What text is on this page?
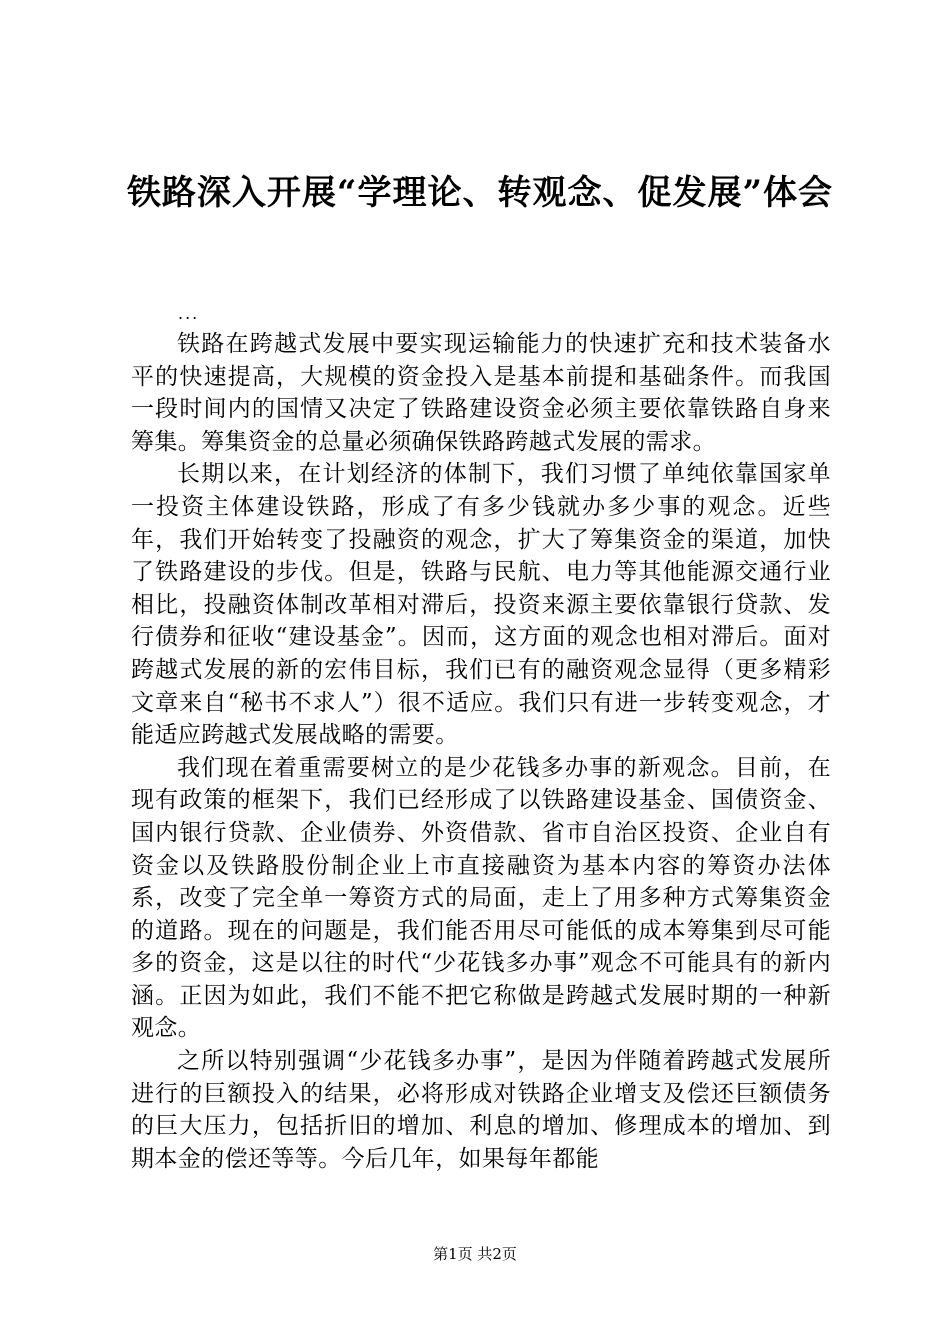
铁路深入开展“学理论、转观念、促发展”体会

...

铁路在跨越式发展中要实现运输能力的快速扩充和技术装备水平的快速提高，大规模的资金投入是基本前提和基础条件。而我国一段时间内的国情又决定了铁路建设资金必须主要依靠铁路自身来筹集。筹集资金的总量必须确保铁路跨越式发展的需求。

长期以来，在计划经济的体制下，我们习惯了单纯依靠国家单一投资主体建设铁路，形成了有多少钱就办多少事的观念。近些年，我们开始转变了投融资的观念，扩大了筹集资金的渠道，加快了铁路建设的步伐。但是，铁路与民航、电力等其他能源交通行业相比，投融资体制改革相对滞后，投资来源主要依靠银行贷款、发行债券和征收“建设基金”。因而，这方面的观念也相对滞后。面对跨越式发展的新的宏伟目标，我们已有的融资观念显得（更多精彩文章来自“秘书不求人”）很不适应。我们只有进一步转变观念，才能适应跨越式发展战略的需要。

我们现在着重需要树立的是少花钱多办事的新观念。目前，在现有政策的框架下，我们已经形成了以铁路建设基金、国债资金、国内银行贷款、企业债券、外资借款、省市自治区投资、企业自有资金以及铁路股份制企业上市直接融资为基本内容的筹资办法体系，改变了完全单一筹资方式的局面，走上了用多种方式筹集资金的道路。现在的问题是，我们能否用尽可能低的成本筹集到尽可能多的资金，这是以往的时代“少花钱多办事”观念不可能具有的新内涵。正因为如此，我们不能不把它称做是跨越式发展时期的一种新观念。

之所以特别强调“少花钱多办事”，是因为伴随着跨越式发展所进行的巨额投入的结果，必将形成对铁路企业增支及偿还巨额债务的巨大压力，包括折旧的增加、利息的增加、修理成本的增加、到期本金的偿还等等。今后几年，如果每年都能

第1页 共2页
